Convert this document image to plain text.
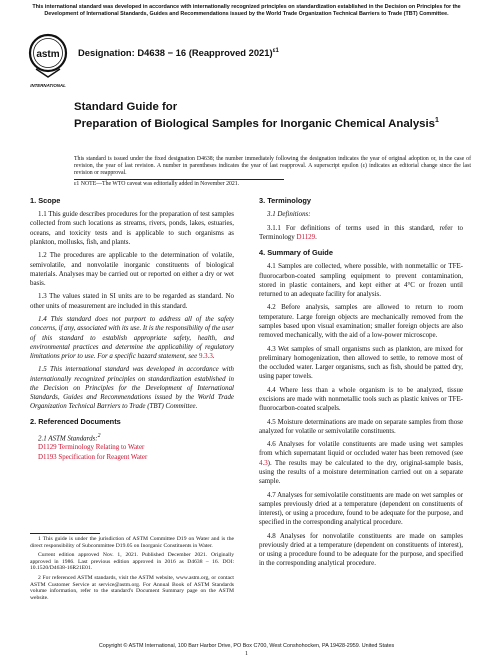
This international standard was developed in accordance with internationally recognized principles on standardization established in the Decision on Principles for the Development of International Standards, Guides and Recommendations issued by the World Trade Organization Technical Barriers to Trade (TBT) Committee.
astm
INTERNATIONAL
Designation: D4638 − 16 (Reapproved 2021)$^{\varepsilon 1}$
Standard Guide for
Preparation of Biological Samples for Inorganic Chemical Analysis$^1$
This standard is issued under the fixed designation D4638; the number immediately following the designation indicates the year of original adoption or, in the case of revision, the year of last revision. A number in parentheses indicates the year of last reapproval. A superscript epsilon (ε) indicates an editorial change since the last revision or reapproval.
ε1 NOTE—The WTO caveat was editorially added in November 2021.
1. Scope
1.1 This guide describes procedures for the preparation of test samples collected from such locations as streams, rivers, ponds, lakes, estuaries, oceans, and toxicity tests and is applicable to such organisms as plankton, mollusks, fish, and plants.
1.2 The procedures are applicable to the determination of volatile, semivolatile, and nonvolatile inorganic constituents of biological materials. Analyses may be carried out or reported on either a dry or wet basis.
1.3 The values stated in SI units are to be regarded as standard. No other units of measurement are included in this standard.
1.4 This standard does not purport to address all of the safety concerns, if any, associated with its use. It is the responsibility of the user of this standard to establish appropriate safety, health, and environmental practices and determine the applicability of regulatory limitations prior to use. For a specific hazard statement, see 9.3.3.
1.5 This international standard was developed in accordance with internationally recognized principles on standardization established in the Decision on Principles for the Development of International Standards, Guides and Recommendations issued by the World Trade Organization Technical Barriers to Trade (TBT) Committee.
2. Referenced Documents
2.1 ASTM Standards:$^2$
D1129 Terminology Relating to Water
D1193 Specification for Reagent Water
1 This guide is under the jurisdiction of ASTM Committee D19 on Water and is the direct responsibility of Subcommittee D19.05 on Inorganic Constituents in Water.
Current edition approved Nov. 1, 2021. Published December 2021. Originally approved in 1986. Last previous edition approved in 2016 as D4638 – 16. DOI: 10.1520/D4638-16R21E01.
2 For referenced ASTM standards, visit the ASTM website, www.astm.org, or contact ASTM Customer Service at service@astm.org. For Annual Book of ASTM Standards volume information, refer to the standard's Document Summary page on the ASTM website.
3. Terminology
3.1 Definitions:
3.1.1 For definitions of terms used in this standard, refer to Terminology D1129.
4. Summary of Guide
4.1 Samples are collected, where possible, with nonmetallic or TFE-fluorocarbon-coated sampling equipment to prevent contamination, stored in plastic containers, and kept either at 4°C or frozen until returned to an adequate facility for analysis.
4.2 Before analysis, samples are allowed to return to room temperature. Large foreign objects are mechanically removed from the samples based upon visual examination; smaller foreign objects are also removed mechanically, with the aid of a low-power microscope.
4.3 Wet samples of small organisms such as plankton, are mixed for preliminary homogenization, then allowed to settle, to remove most of the occluded water. Larger organisms, such as fish, should be patted dry, using paper towels.
4.4 Where less than a whole organism is to be analyzed, tissue excisions are made with nonmetallic tools such as plastic knives or TFE-fluorocarbon-coated scalpels.
4.5 Moisture determinations are made on separate samples from those analyzed for volatile or semivolatile constituents.
4.6 Analyses for volatile constituents are made using wet samples from which supernatant liquid or occluded water has been removed (see 4.3). The results may be calculated to the dry, original-sample basis, using the results of a moisture determination carried out on a separate sample.
4.7 Analyses for semivolatile constituents are made on wet samples or samples previously dried at a temperature (dependent on constituents of interest), or using a procedure, found to be adequate for the purpose, and specified in the corresponding analytical procedure.
4.8 Analyses for nonvolatile constituents are made on samples previously dried at a temperature (dependent on constituents of interest), or using a procedure found to be adequate for the purpose, and specified in the corresponding analytical procedure.
Copyright © ASTM International, 100 Barr Harbor Drive, PO Box C700, West Conshohocken, PA 19428-2959. United States
1
